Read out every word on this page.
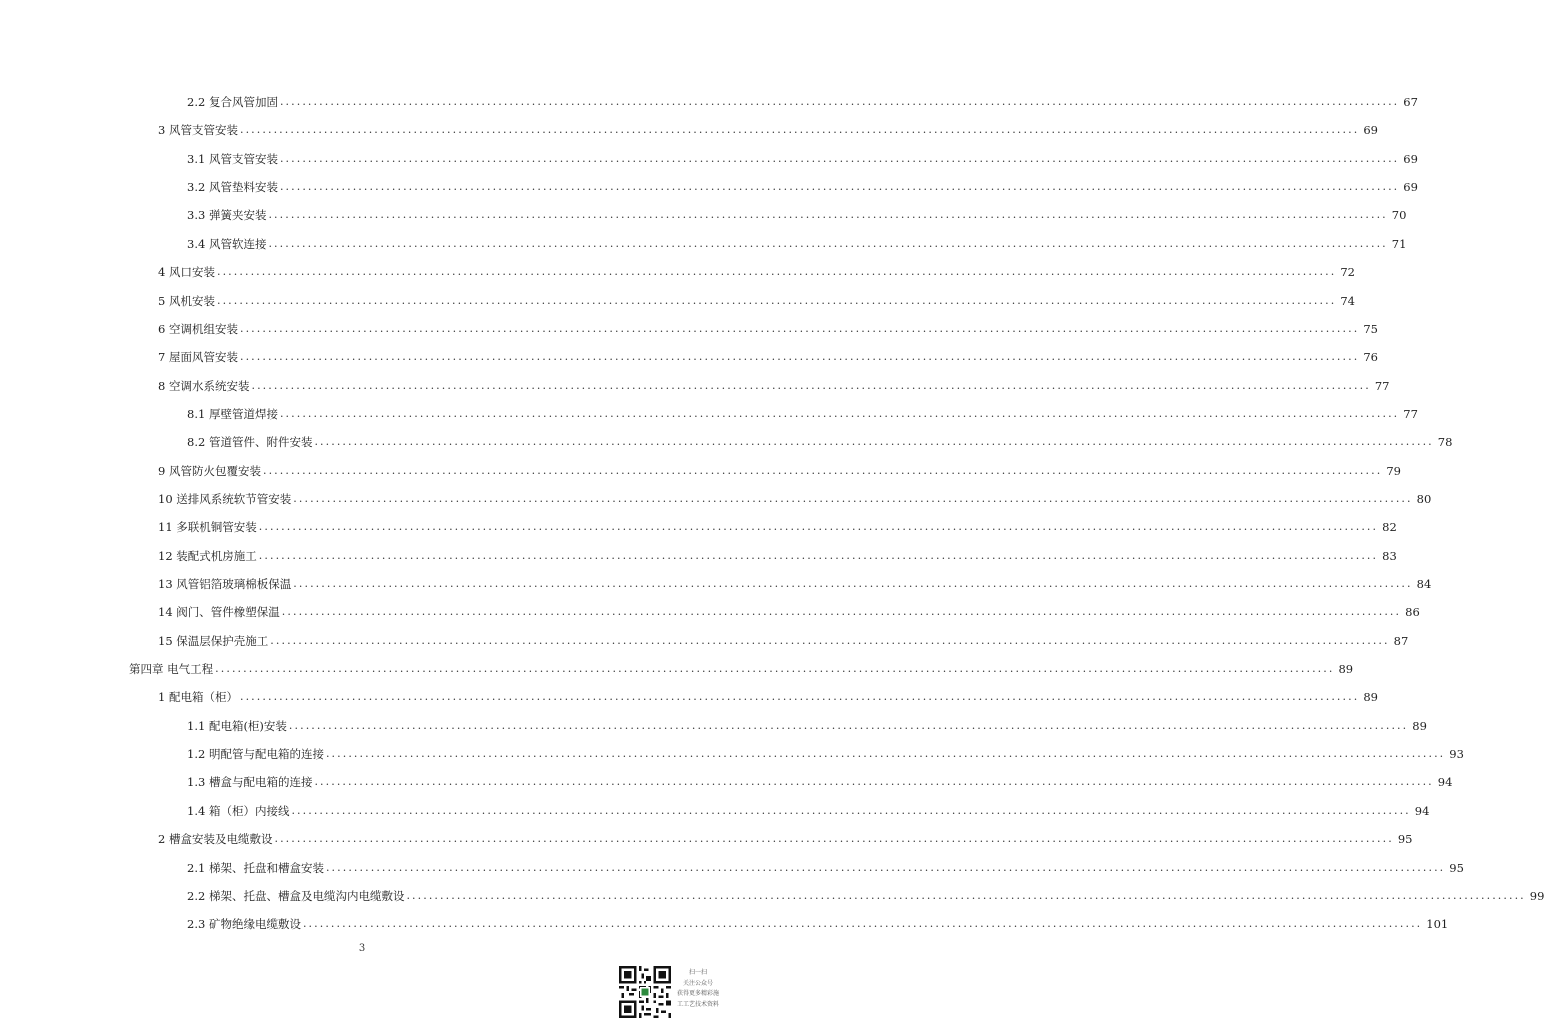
2.2 复合风管加固 ........................................................................................................................................................................................................ 67
3 风管支管安装 ........................................................................................................................................................................................................ 69
3.1 风管支管安装 ........................................................................................................................................................................................................ 69
3.2 风管垫料安装 ........................................................................................................................................................................................................ 69
3.3 弹簧夹安装 ........................................................................................................................................................................................................ 70
3.4 风管软连接 ........................................................................................................................................................................................................ 71
4 风口安装 ........................................................................................................................................................................................................ 72
5 风机安装 ........................................................................................................................................................................................................ 74
6 空调机组安装 ........................................................................................................................................................................................................ 75
7 屋面风管安装 ........................................................................................................................................................................................................ 76
8 空调水系统安装 ........................................................................................................................................................................................................ 77
8.1 厚壁管道焊接 ........................................................................................................................................................................................................ 77
8.2 管道管件、附件安装 ........................................................................................................................................................................................................ 78
9 风管防火包覆安装 ........................................................................................................................................................................................................ 79
10 送排风系统软节管安装 ........................................................................................................................................................................................................ 80
11 多联机铜管安装 ........................................................................................................................................................................................................ 82
12 装配式机房施工 ........................................................................................................................................................................................................ 83
13 风管铝箔玻璃棉板保温 ........................................................................................................................................................................................................ 84
14 阀门、管件橡塑保温 ........................................................................................................................................................................................................ 86
15 保温层保护壳施工 ........................................................................................................................................................................................................ 87
第四章 电气工程 ........................................................................................................................................................................................................ 89
1 配电箱（柜） ........................................................................................................................................................................................................ 89
1.1 配电箱(柜)安装 ........................................................................................................................................................................................................ 89
1.2 明配管与配电箱的连接 ........................................................................................................................................................................................................ 93
1.3 槽盒与配电箱的连接 ........................................................................................................................................................................................................ 94
1.4 箱（柜）内接线 ........................................................................................................................................................................................................ 94
2 槽盒安装及电缆敷设 ........................................................................................................................................................................................................ 95
2.1 梯架、托盘和槽盒安装 ........................................................................................................................................................................................................ 95
2.2 梯架、托盘、槽盒及电缆沟内电缆敷设 ........................................................................................................................................................................................................ 99
2.3 矿物绝缘电缆敷设 ........................................................................................................................................................................................................ 101
3
扫一扫
关注公众号
获得更多精彩施
工工艺技术资料
